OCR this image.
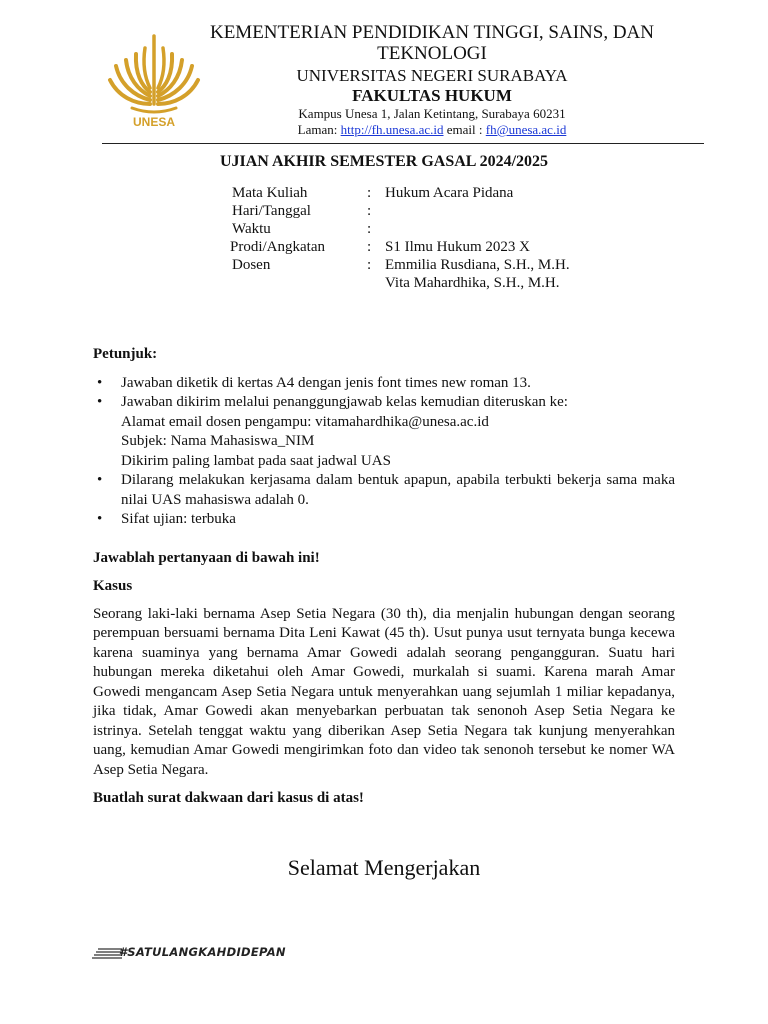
UNESA
KEMENTERIAN PENDIDIKAN TINGGI, SAINS, DAN TEKNOLOGI
UNIVERSITAS NEGERI SURABAYA
FAKULTAS HUKUM
Kampus Unesa 1, Jalan Ketintang, Surabaya 60231
Laman: http://fh.unesa.ac.id email : fh@unesa.ac.id
UJIAN AKHIR SEMESTER GASAL 2024/2025
Mata Kuliah	: Hukum Acara Pidana
Hari/Tanggal	:
Waktu	:
Prodi/Angkatan	: S1 Ilmu Hukum 2023 X
Dosen	: Emmilia Rusdiana, S.H., M.H.
Vita Mahardhika, S.H., M.H.
Petunjuk:
• Jawaban diketik di kertas A4 dengan jenis font times new roman 13.
• Jawaban dikirim melalui penanggungjawab kelas kemudian diteruskan ke:
Alamat email dosen pengampu: vitamahardhika@unesa.ac.id
Subjek: Nama Mahasiswa_NIM
Dikirim paling lambat pada saat jadwal UAS
• Dilarang melakukan kerjasama dalam bentuk apapun, apabila terbukti bekerja sama maka nilai UAS mahasiswa adalah 0.
• Sifat ujian: terbuka
Jawablah pertanyaan di bawah ini!
Kasus
Seorang laki-laki bernama Asep Setia Negara (30 th), dia menjalin hubungan dengan seorang perempuan bersuami bernama Dita Leni Kawat (45 th). Usut punya usut ternyata bunga kecewa karena suaminya yang bernama Amar Gowedi adalah seorang pengangguran. Suatu hari hubungan mereka diketahui oleh Amar Gowedi, murkalah si suami. Karena marah Amar Gowedi mengancam Asep Setia Negara untuk menyerahkan uang sejumlah 1 miliar kepadanya, jika tidak, Amar Gowedi akan menyebarkan perbuatan tak senonoh Asep Setia Negara ke istrinya. Setelah tenggat waktu yang diberikan Asep Setia Negara tak kunjung menyerahkan uang, kemudian Amar Gowedi mengirimkan foto dan video tak senonoh tersebut ke nomer WA Asep Setia Negara.
Buatlah surat dakwaan dari kasus di atas!
Selamat Mengerjakan
#SATULANGKAHDIDEPAN
